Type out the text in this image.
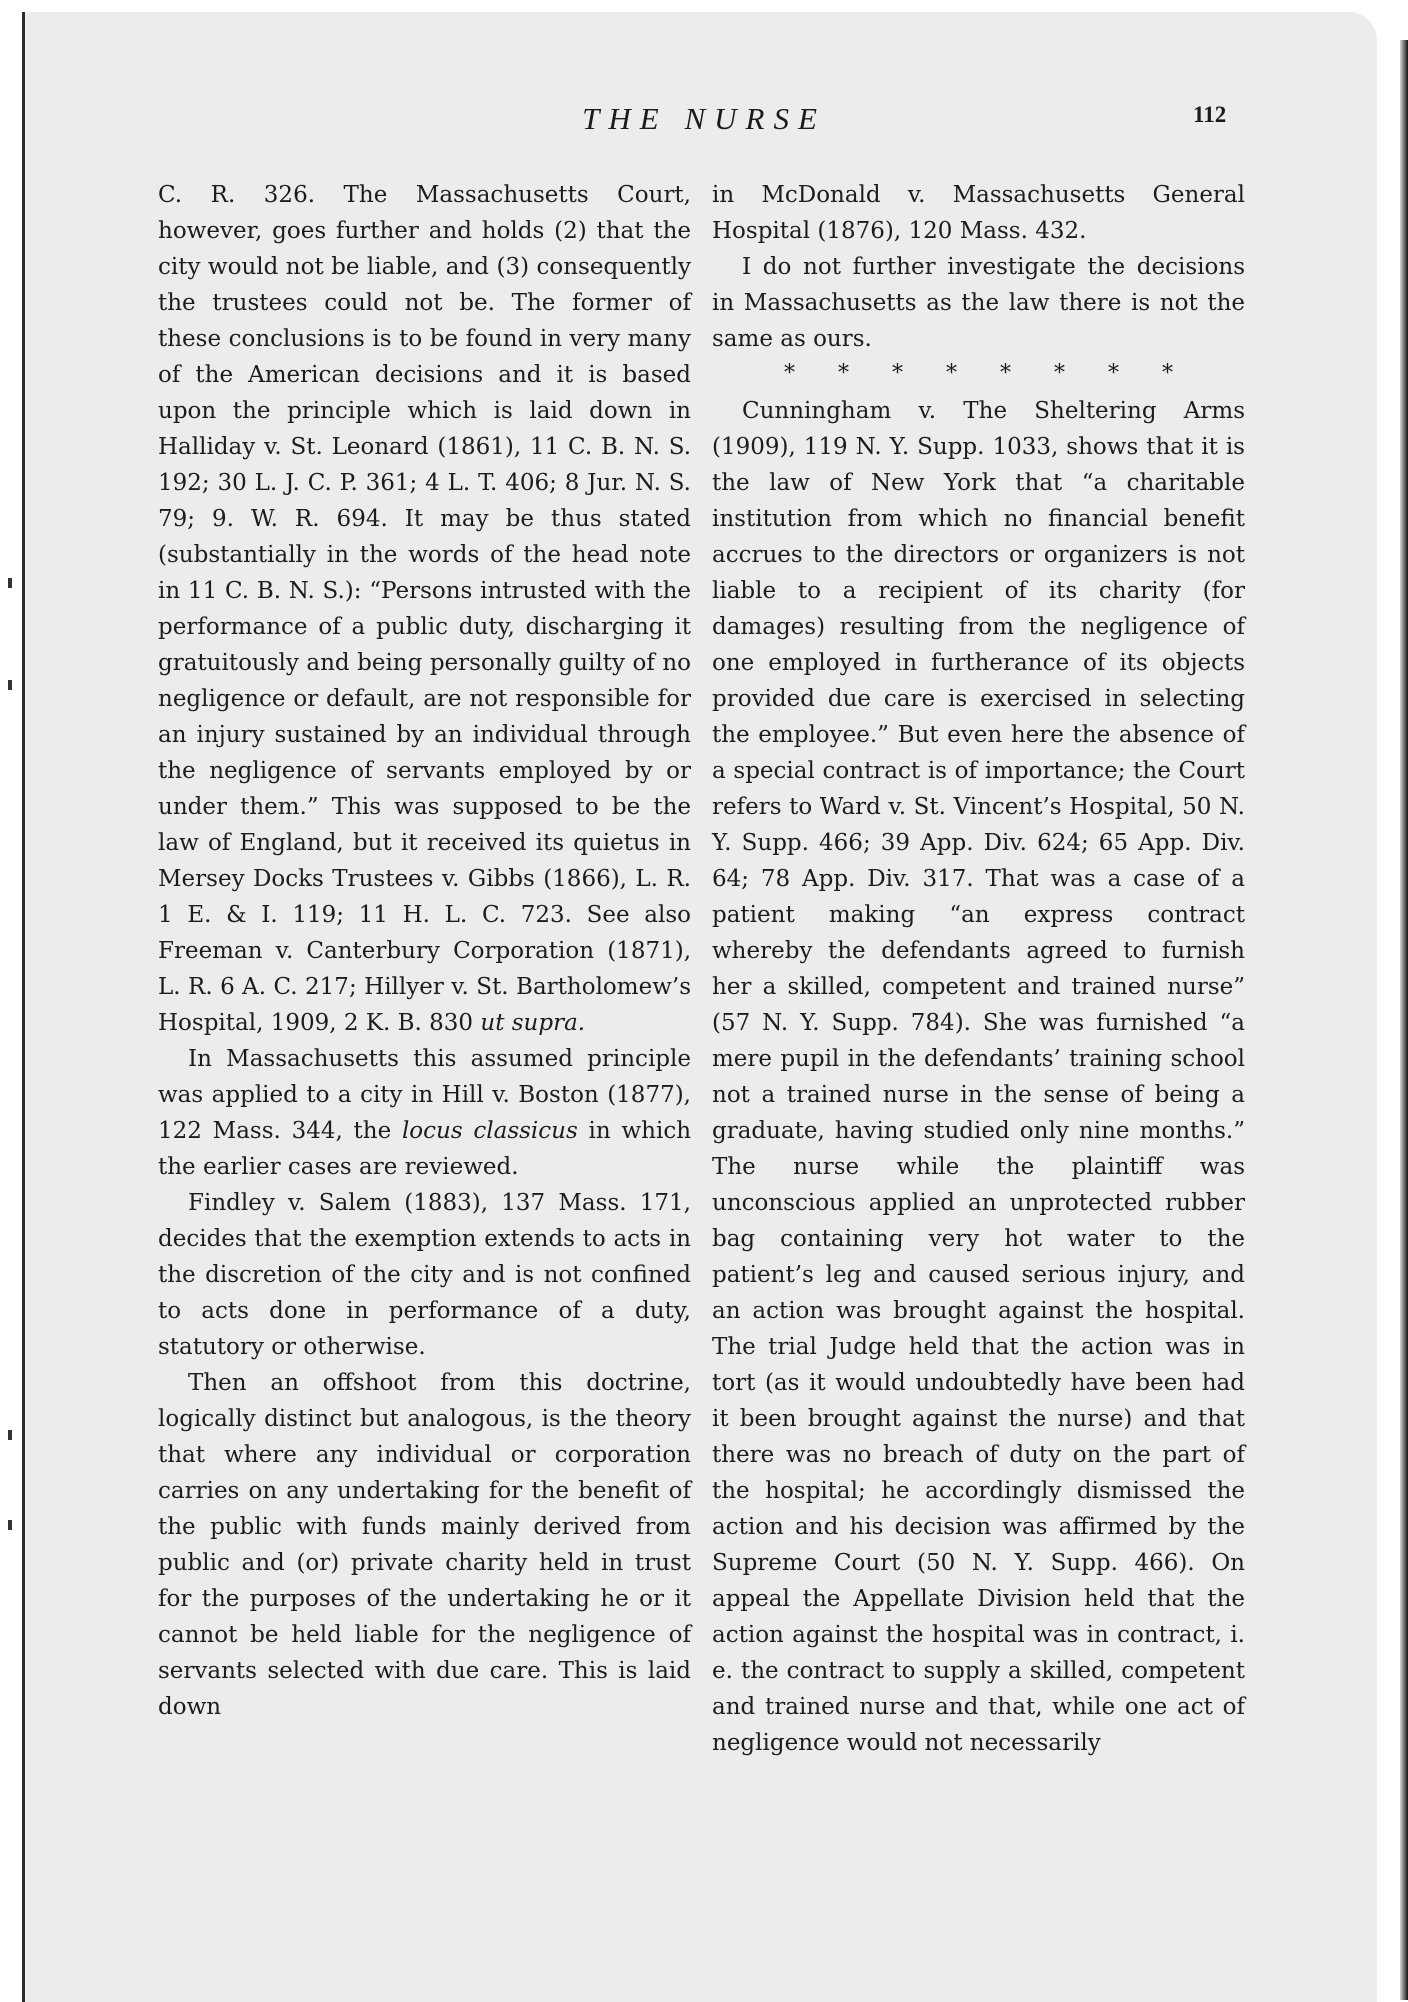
THE NURSE	112

C. R. 326. The Massachusetts Court, however, goes further and holds (2) that the city would not be liable, and (3) consequently the trustees could not be. The former of these conclusions is to be found in very many of the American decisions and it is based upon the principle which is laid down in Halliday v. St. Leonard (1861), 11 C. B. N. S. 192; 30 L. J. C. P. 361; 4 L. T. 406; 8 Jur. N. S. 79; 9. W. R. 694. It may be thus stated (substantially in the words of the head note in 11 C. B. N. S.): “Persons intrusted with the performance of a public duty, discharging it gratuitously and being personally guilty of no negligence or default, are not responsible for an injury sustained by an individual through the negligence of servants employed by or under them.” This was supposed to be the law of England, but it received its quietus in Mersey Docks Trustees v. Gibbs (1866), L. R. 1 E. & I. 119; 11 H. L. C. 723. See also Freeman v. Canterbury Corporation (1871), L. R. 6 A. C. 217; Hillyer v. St. Bartholomew’s Hospital, 1909, 2 K. B. 830 ut supra.

In Massachusetts this assumed principle was applied to a city in Hill v. Boston (1877), 122 Mass. 344, the locus classicus in which the earlier cases are reviewed.

Findley v. Salem (1883), 137 Mass. 171, decides that the exemption extends to acts in the discretion of the city and is not confined to acts done in performance of a duty, statutory or otherwise.

Then an offshoot from this doctrine, logically distinct but analogous, is the theory that where any individual or corporation carries on any undertaking for the benefit of the public with funds mainly derived from public and (or) private charity held in trust for the purposes of the undertaking he or it cannot be held liable for the negligence of servants selected with due care. This is laid down

in McDonald v. Massachusetts General Hospital (1876), 120 Mass. 432.

I do not further investigate the decisions in Massachusetts as the law there is not the same as ours.

* * * * * * * *

Cunningham v. The Sheltering Arms (1909), 119 N. Y. Supp. 1033, shows that it is the law of New York that “a charitable institution from which no financial benefit accrues to the directors or organizers is not liable to a recipient of its charity (for damages) resulting from the negligence of one employed in furtherance of its objects provided due care is exercised in selecting the employee.” But even here the absence of a special contract is of importance; the Court refers to Ward v. St. Vincent’s Hospital, 50 N. Y. Supp. 466; 39 App. Div. 624; 65 App. Div. 64; 78 App. Div. 317. That was a case of a patient making “an express contract whereby the defendants agreed to furnish her a skilled, competent and trained nurse” (57 N. Y. Supp. 784). She was furnished “a mere pupil in the defendants’ training school not a trained nurse in the sense of being a graduate, having studied only nine months.” The nurse while the plaintiff was unconscious applied an unprotected rubber bag containing very hot water to the patient’s leg and caused serious injury, and an action was brought against the hospital. The trial Judge held that the action was in tort (as it would undoubtedly have been had it been brought against the nurse) and that there was no breach of duty on the part of the hospital; he accordingly dismissed the action and his decision was affirmed by the Supreme Court (50 N. Y. Supp. 466). On appeal the Appellate Division held that the action against the hospital was in contract, i. e. the contract to supply a skilled, competent and trained nurse and that, while one act of negligence would not necessarily
